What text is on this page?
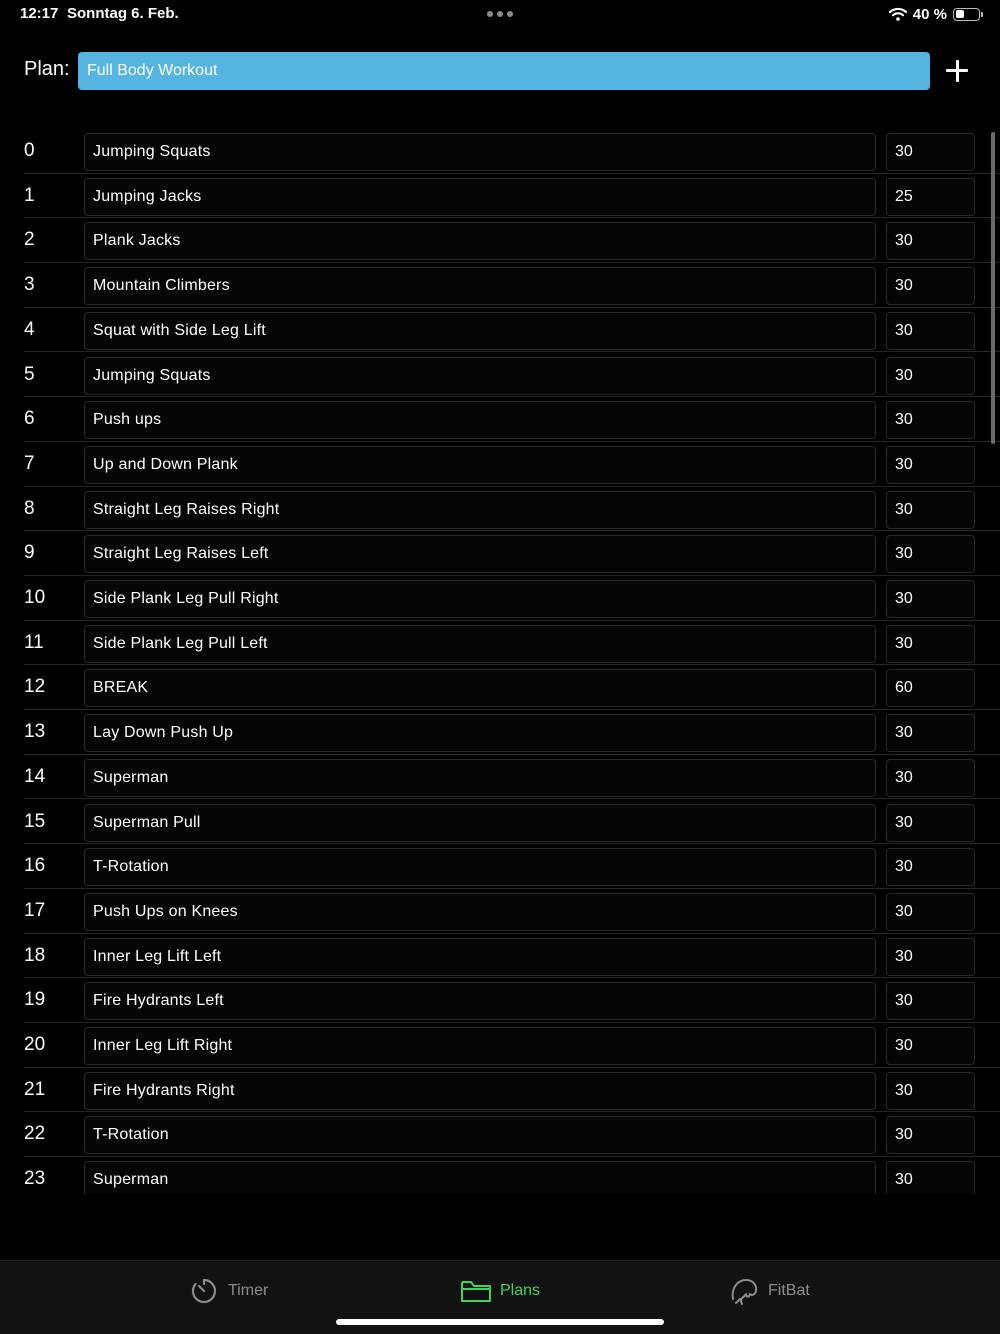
12:17 Sonntag 6. Feb.	40 %
Plan:	Full Body Workout
0	Jumping Squats	30
1	Jumping Jacks	25
2	Plank Jacks	30
3	Mountain Climbers	30
4	Squat with Side Leg Lift	30
5	Jumping Squats	30
6	Push ups	30
7	Up and Down Plank	30
8	Straight Leg Raises Right	30
9	Straight Leg Raises Left	30
10	Side Plank Leg Pull Right	30
11	Side Plank Leg Pull Left	30
12	BREAK	60
13	Lay Down Push Up	30
14	Superman	30
15	Superman Pull	30
16	T-Rotation	30
17	Push Ups on Knees	30
18	Inner Leg Lift Left	30
19	Fire Hydrants Left	30
20	Inner Leg Lift Right	30
21	Fire Hydrants Right	30
22	T-Rotation	30
23	Superman	30
Timer	Plans	FitBat
